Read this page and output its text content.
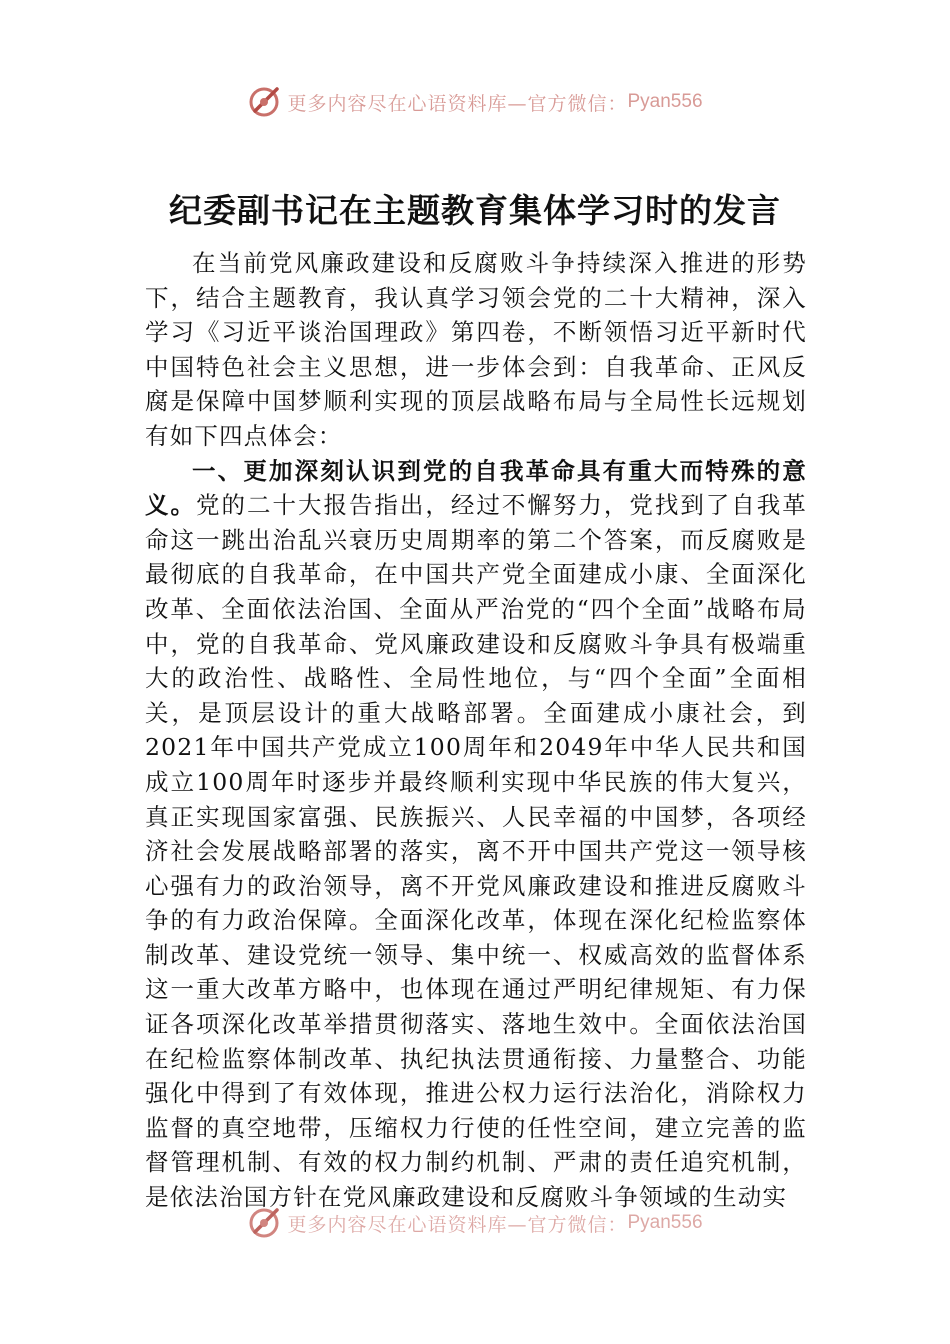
更多内容尽在心语资料库—官方微信： Pyan556
纪委副书记在主题教育集体学习时的发言

在当前党风廉政建设和反腐败斗争持续深入推进的形势下，结合主题教育，我认真学习领会党的二十大精神，深入学习《习近平谈治国理政》第四卷，不断领悟习近平新时代中国特色社会主义思想，进一步体会到：自我革命、正风反腐是保障中国梦顺利实现的顶层战略布局与全局性长远规划有如下四点体会：

一、更加深刻认识到党的自我革命具有重大而特殊的意义。党的二十大报告指出，经过不懈努力，党找到了自我革命这一跳出治乱兴衰历史周期率的第二个答案，而反腐败是最彻底的自我革命，在中国共产党全面建成小康、全面深化改革、全面依法治国、全面从严治党的“四个全面”战略布局中，党的自我革命、党风廉政建设和反腐败斗争具有极端重大的政治性、战略性、全局性地位，与“四个全面”全面相关，是顶层设计的重大战略部署。全面建成小康社会，到2021年中国共产党成立100周年和2049年中华人民共和国成立100周年时逐步并最终顺利实现中华民族的伟大复兴，真正实现国家富强、民族振兴、人民幸福的中国梦，各项经济社会发展战略部署的落实，离不开中国共产党这一领导核心强有力的政治领导，离不开党风廉政建设和推进反腐败斗争的有力政治保障。全面深化改革，体现在深化纪检监察体制改革、建设党统一领导、集中统一、权威高效的监督体系这一重大改革方略中，也体现在通过严明纪律规矩、有力保证各项深化改革举措贯彻落实、落地生效中。全面依法治国在纪检监察体制改革、执纪执法贯通衔接、力量整合、功能强化中得到了有效体现，推进公权力运行法治化，消除权力监督的真空地带，压缩权力行使的任性空间，建立完善的监督管理机制、有效的权力制约机制、严肃的责任追究机制，是依法治国方针在党风廉政建设和反腐败斗争领域的生动实

更多内容尽在心语资料库—官方微信： Pyan556
